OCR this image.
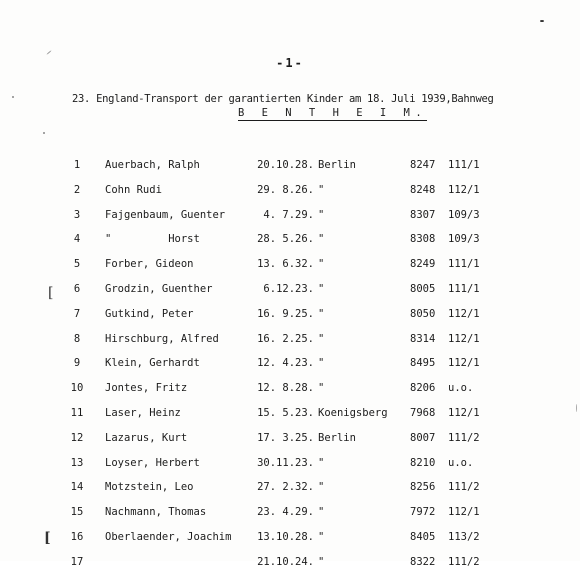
-1-
23. England-Transport der garantierten Kinder am 18. Juli 1939,Bahnweg
B E N T H E I M.
1	Auerbach, Ralph	20.10.28. Berlin	8247 111/1
2	Cohn Rudi	29. 8.26. "	8248 112/1
3	Fajgenbaum, Guenter	4. 7.29. "	8307 109/3
4	"         Horst	28. 5.26. "	8308 109/3
5	Forber, Gideon	13. 6.32. "	8249 111/1
6	Grodzin, Guenther	6.12.23. "	8005 111/1
7	Gutkind, Peter	16. 9.25. "	8050 112/1
8	Hirschburg, Alfred	16. 2.25. "	8314 112/1
9	Klein, Gerhardt	12. 4.23. "	8495 112/1
10 Jontes, Fritz	12. 8.28. "	8206 u.o.
11 Laser, Heinz	15. 5.23. Koenigsberg 7968 112/1
12 Lazarus, Kurt	17. 3.25. Berlin	8007 111/2
13 Loyser, Herbert	30.11.23. "	8210 u.o.
14 Motzstein, Leo	27. 2.32. "	8256 111/2
15 Nachmann, Thomas	23. 4.29. "	7972 112/1
16 Oberlaender, Joachim	13.10.28. "	8405 113/2
17	21.10.24. "	8322 111/2
[
[
